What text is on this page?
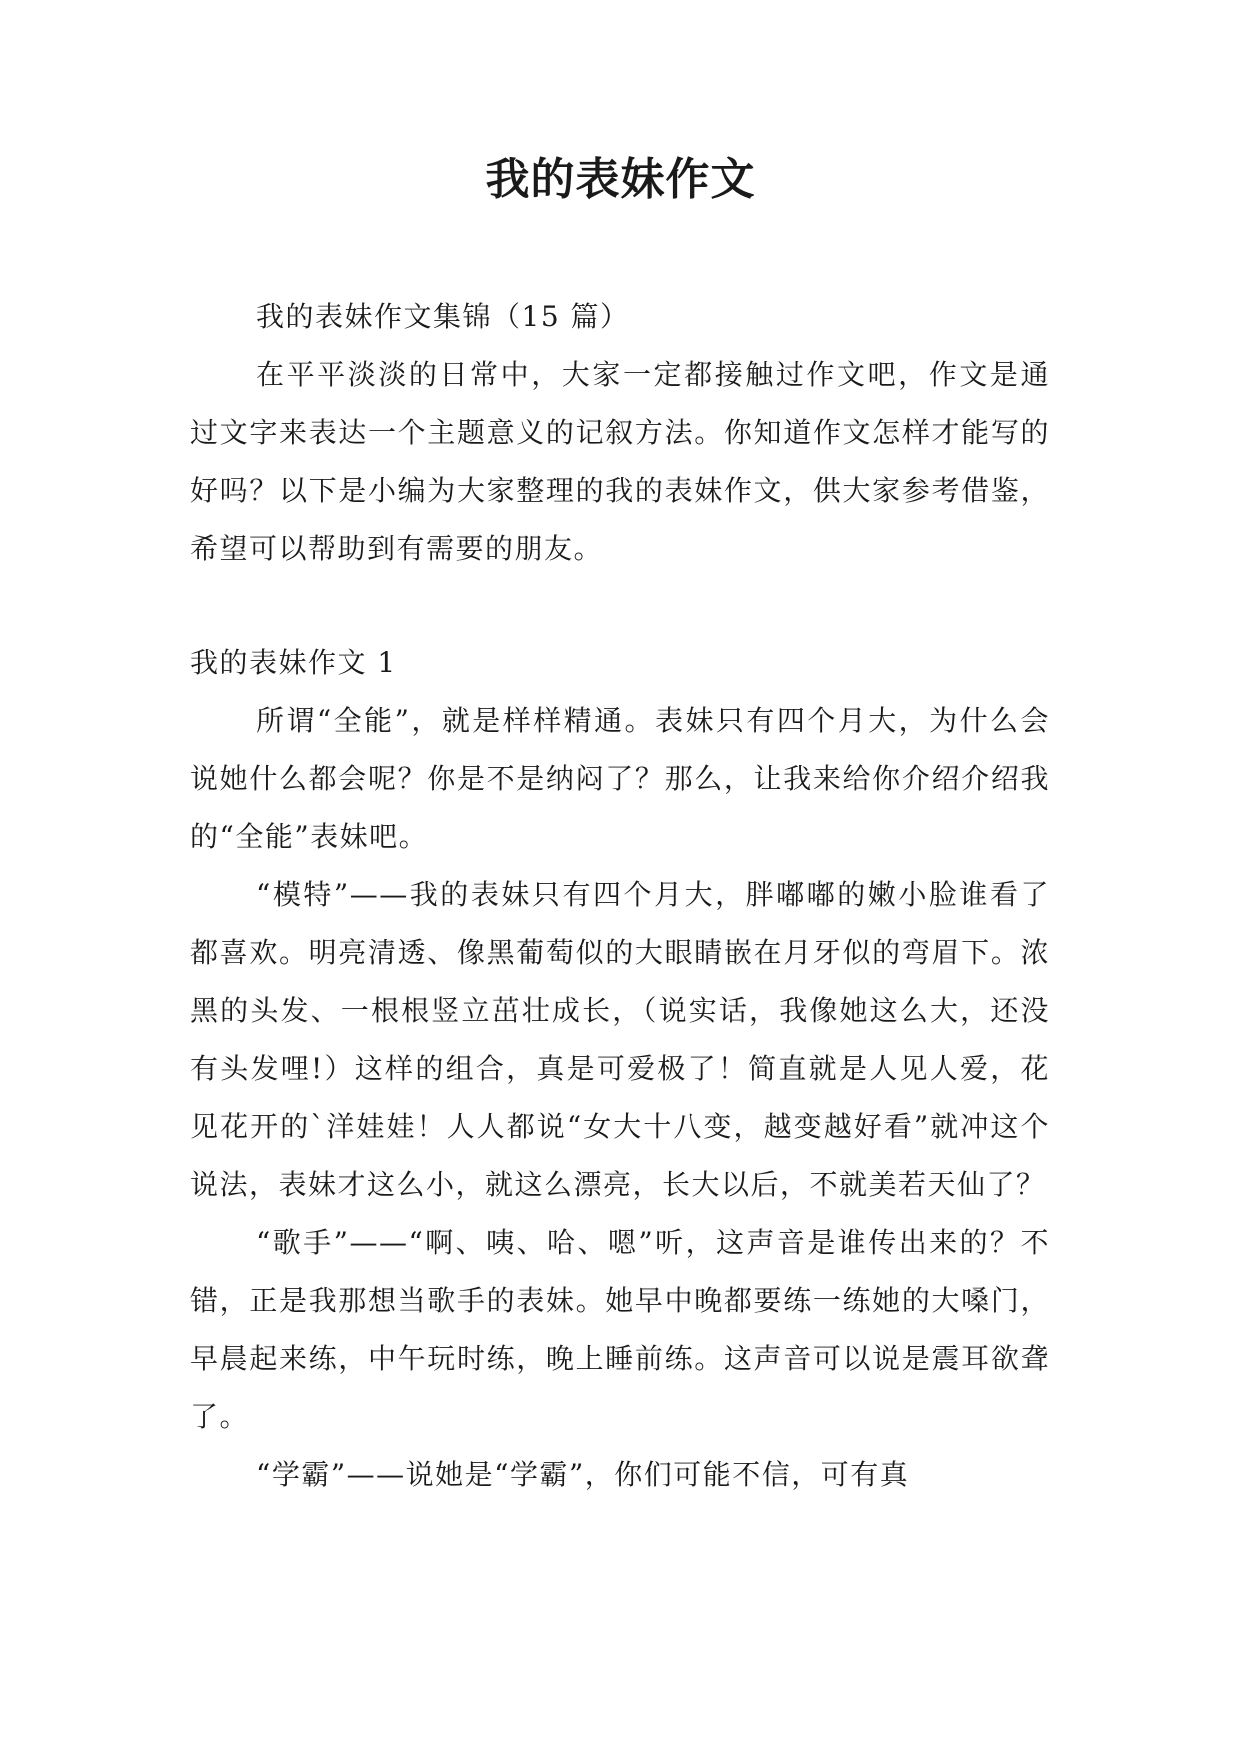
我的表妹作文

我的表妹作文集锦（15 篇）

在平平淡淡的日常中，大家一定都接触过作文吧，作文是通过文字来表达一个主题意义的记叙方法。你知道作文怎样才能写的好吗？以下是小编为大家整理的我的表妹作文，供大家参考借鉴，希望可以帮助到有需要的朋友。

我的表妹作文 1

所谓“全能”，就是样样精通。表妹只有四个月大，为什么会说她什么都会呢？你是不是纳闷了？那么，让我来给你介绍介绍我的“全能”表妹吧。

“模特”——我的表妹只有四个月大，胖嘟嘟的嫩小脸谁看了都喜欢。明亮清透、像黑葡萄似的大眼睛嵌在月牙似的弯眉下。浓黑的头发、一根根竖立茁壮成长，（说实话，我像她这么大，还没有头发哩!）这样的组合，真是可爱极了！简直就是人见人爱，花见花开的`洋娃娃！人人都说“女大十八变，越变越好看”就冲这个说法，表妹才这么小，就这么漂亮，长大以后，不就美若天仙了？

“歌手”——“啊、咦、哈、嗯”听，这声音是谁传出来的？不错，正是我那想当歌手的表妹。她早中晚都要练一练她的大嗓门，早晨起来练，中午玩时练，晚上睡前练。这声音可以说是震耳欲聋了。

“学霸”——说她是“学霸”，你们可能不信，可有真
